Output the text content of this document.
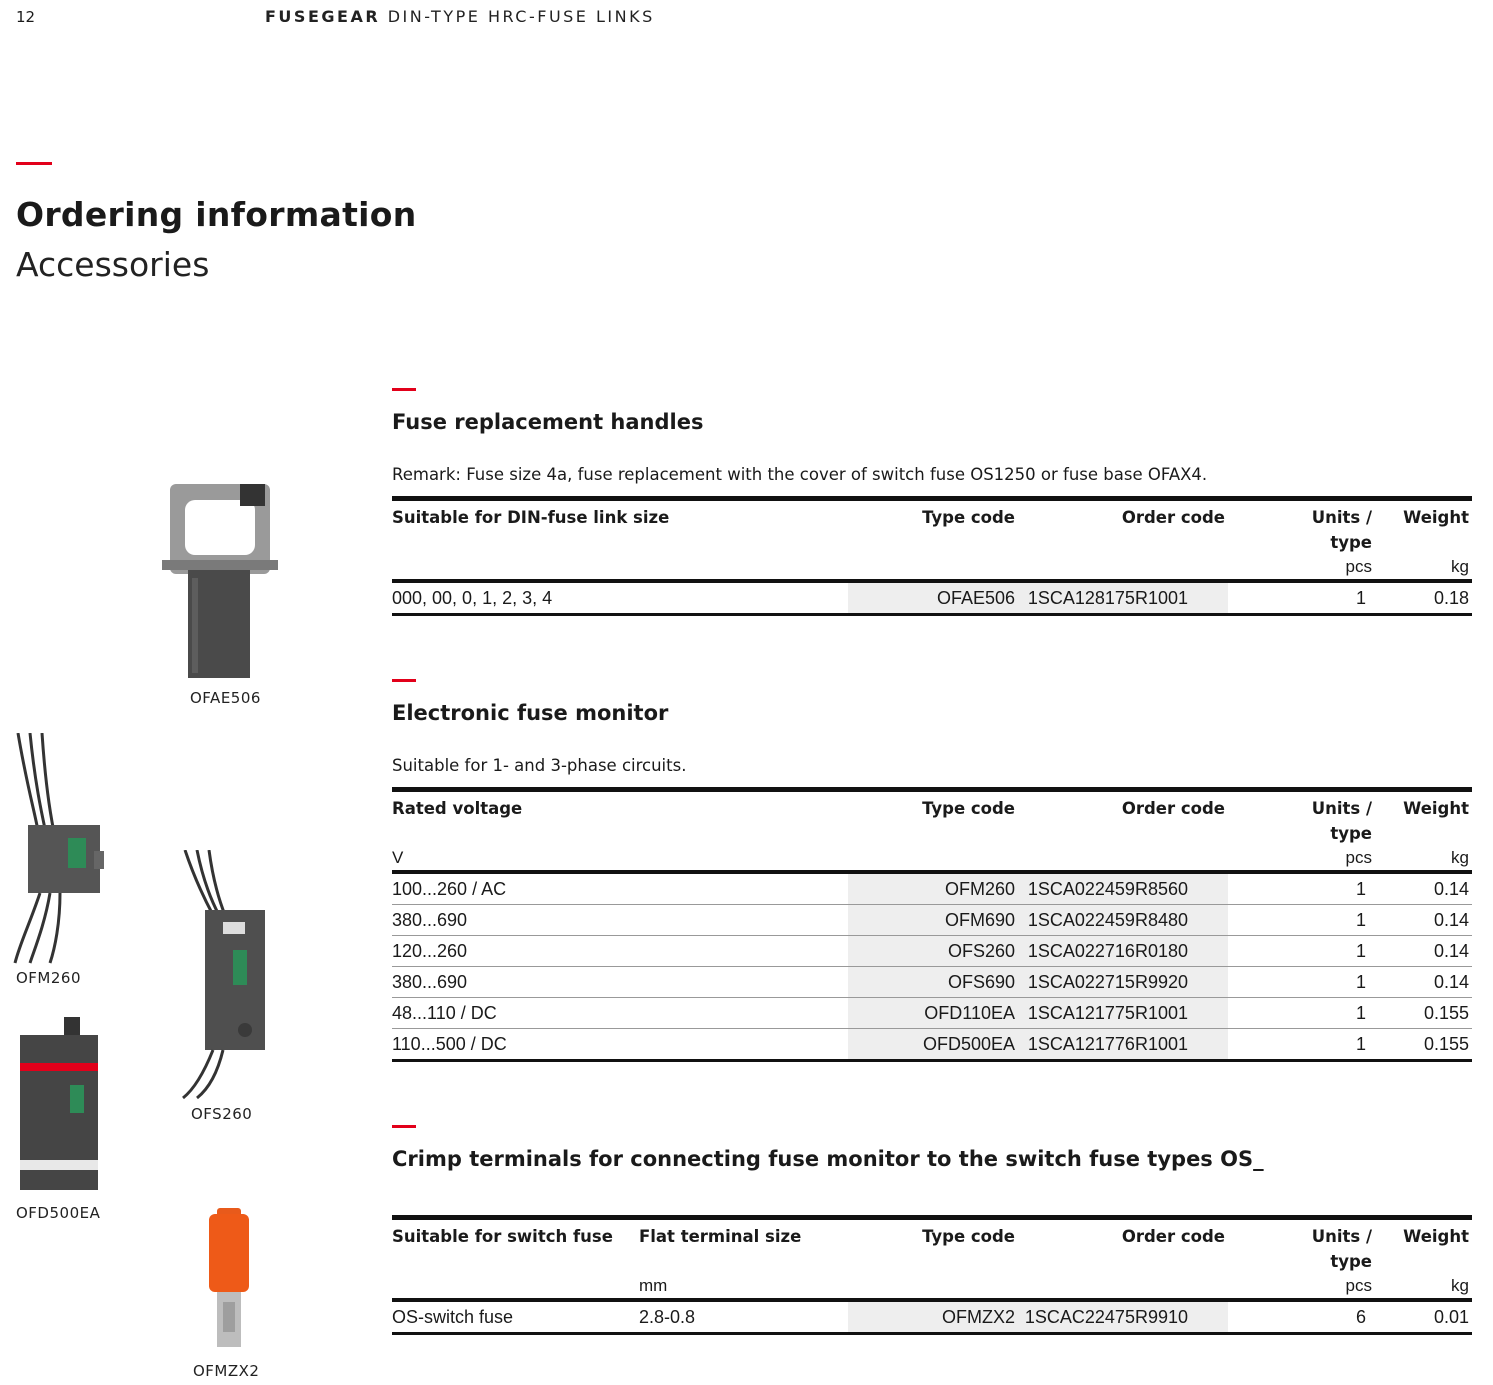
12	FUSEGEAR DIN-TYPE HRC-FUSE LINKS
Ordering information
Accessories
OFAE506
OFM260
OFS260
OFD500EA
OFMZX2
Fuse replacement handles
Remark: Fuse size 4a, fuse replacement with the cover of switch fuse OS1250 or fuse base OFAX4.
Suitable for DIN-fuse link size	Type code	Order code	Units /
type	Weight
			pcs	kg
000, 00, 0, 1, 2, 3, 4	OFAE506	1SCA128175R1001	1	0.18
Electronic fuse monitor
Suitable for 1- and 3-phase circuits.
Rated voltage	Type code	Order code	Units /
type	Weight
V			pcs	kg
100...260 / AC	OFM260	1SCA022459R8560	1	0.14
380...690	OFM690	1SCA022459R8480	1	0.14
120...260	OFS260	1SCA022716R0180	1	0.14
380...690	OFS690	1SCA022715R9920	1	0.14
48...110 / DC	OFD110EA	1SCA121775R1001	1	0.155
110...500 / DC	OFD500EA	1SCA121776R1001	1	0.155
Crimp terminals for connecting fuse monitor to the switch fuse types OS_
Suitable for switch fuse	Flat terminal size	Type code	Order code	Units /
type	Weight
	mm			pcs	kg
OS-switch fuse	2.8-0.8	OFMZX2	1SCAC22475R9910	6	0.01
